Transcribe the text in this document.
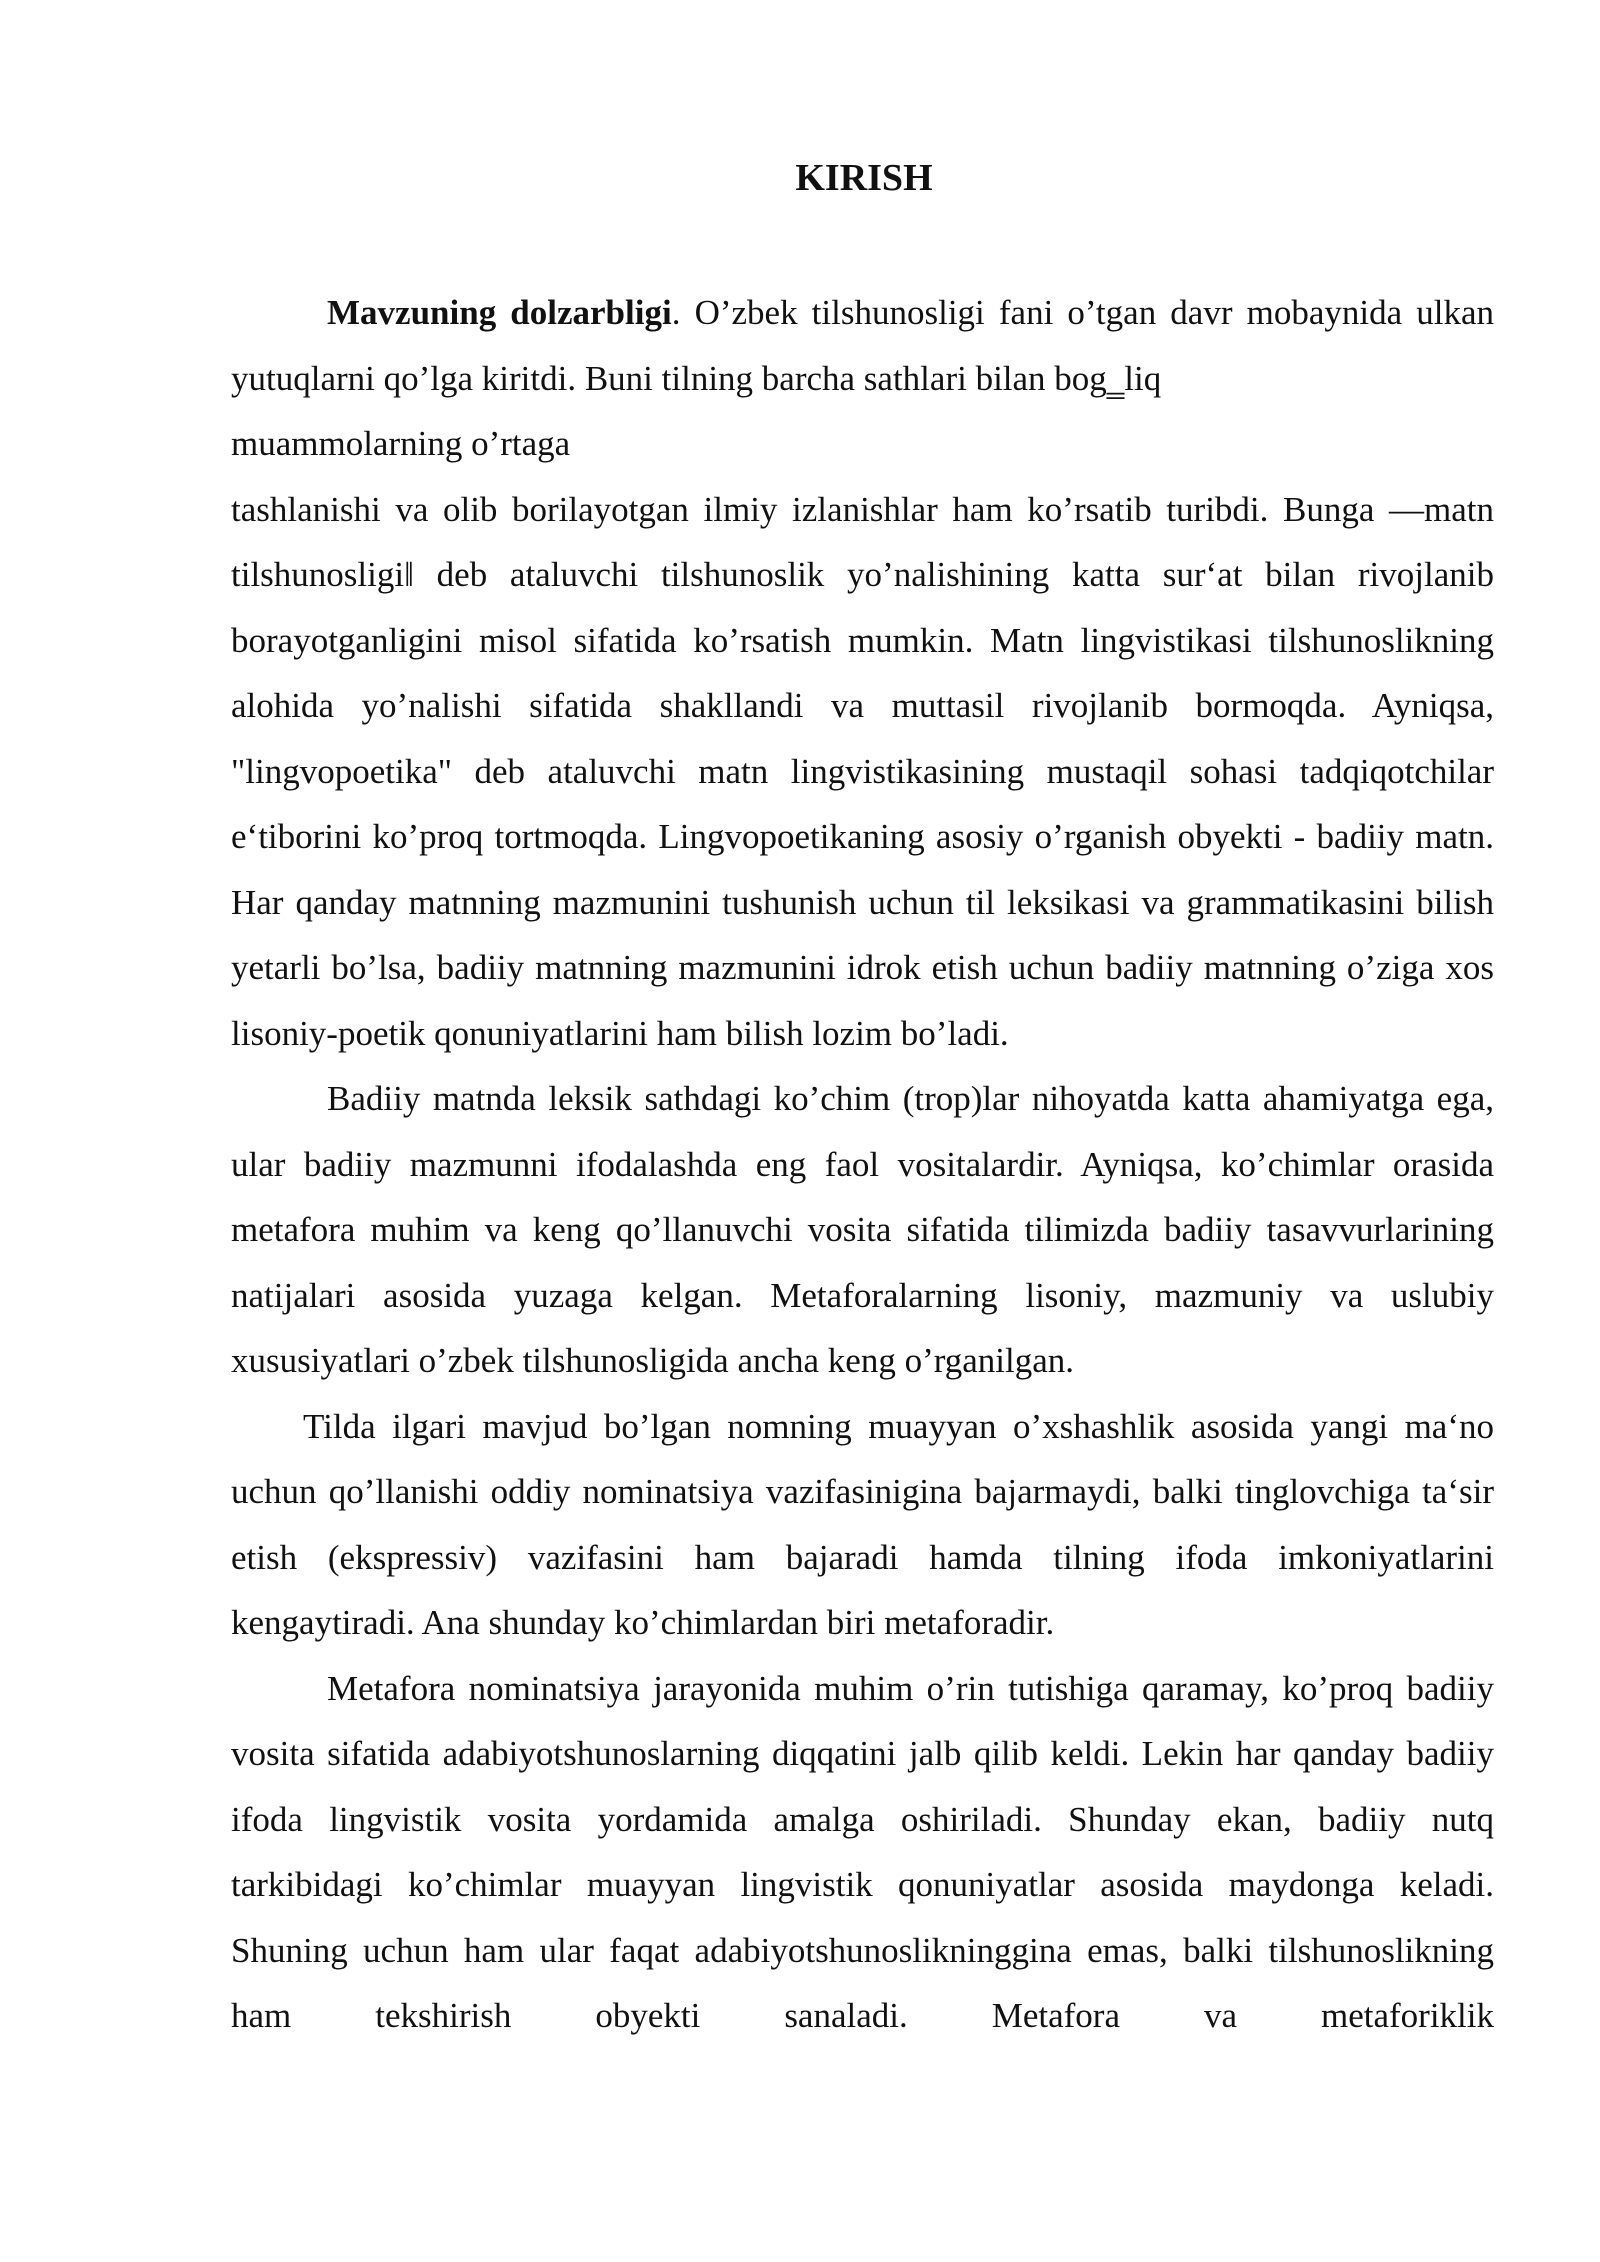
KIRISH

Mavzuning dolzarbligi. O’zbek tilshunosligi fani o’tgan davr mobaynida ulkan yutuqlarni qo’lga kiritdi. Buni tilning barcha sathlari bilan bog‗liq

muammolarning o’rtaga

tashlanishi va olib borilayotgan ilmiy izlanishlar ham ko’rsatib turibdi. Bunga ―matn tilshunosligi‖ deb ataluvchi tilshunoslik yo’nalishining katta sur‘at bilan rivojlanib borayotganligini misol sifatida ko’rsatish mumkin. Matn lingvistikasi tilshunoslikning alohida yo’nalishi sifatida shakllandi va muttasil rivojlanib bormoqda. Ayniqsa, "lingvopoetika" deb ataluvchi matn lingvistikasining mustaqil sohasi tadqiqotchilar e‘tiborini ko’proq tortmoqda. Lingvopoetikaning asosiy o’rganish obyekti - badiiy matn. Har qanday matnning mazmunini tushunish uchun til leksikasi va grammatikasini bilish yetarli bo’lsa, badiiy matnning mazmunini idrok etish uchun badiiy matnning o’ziga xos lisoniy-poetik qonuniyatlarini ham bilish lozim bo’ladi.

Badiiy matnda leksik sathdagi ko’chim (trop)lar nihoyatda katta ahamiyatga ega, ular badiiy mazmunni ifodalashda eng faol vositalardir. Ayniqsa, ko’chimlar orasida metafora muhim va keng qo’llanuvchi vosita sifatida tilimizda badiiy tasavvurlarining natijalari asosida yuzaga kelgan. Metaforalarning lisoniy, mazmuniy va uslubiy xususiyatlari o’zbek tilshunosligida ancha keng o’rganilgan.

Tilda ilgari mavjud bo’lgan nomning muayyan o’xshashlik asosida yangi ma‘no uchun qo’llanishi oddiy nominatsiya vazifasinigina bajarmaydi, balki tinglovchiga ta‘sir etish (ekspressiv) vazifasini ham bajaradi hamda tilning ifoda imkoniyatlarini kengaytiradi. Ana shunday ko’chimlardan biri metaforadir.

Metafora nominatsiya jarayonida muhim o’rin tutishiga qaramay, ko’proq badiiy vosita sifatida adabiyotshunoslarning diqqatini jalb qilib keldi. Lekin har qanday badiiy ifoda lingvistik vosita yordamida amalga oshiriladi. Shunday ekan, badiiy nutq tarkibidagi ko’chimlar muayyan lingvistik qonuniyatlar asosida maydonga keladi. Shuning uchun ham ular faqat adabiyotshunoslikninggina emas, balki tilshunoslikning ham tekshirish obyekti sanaladi. Metafora va metaforiklik
